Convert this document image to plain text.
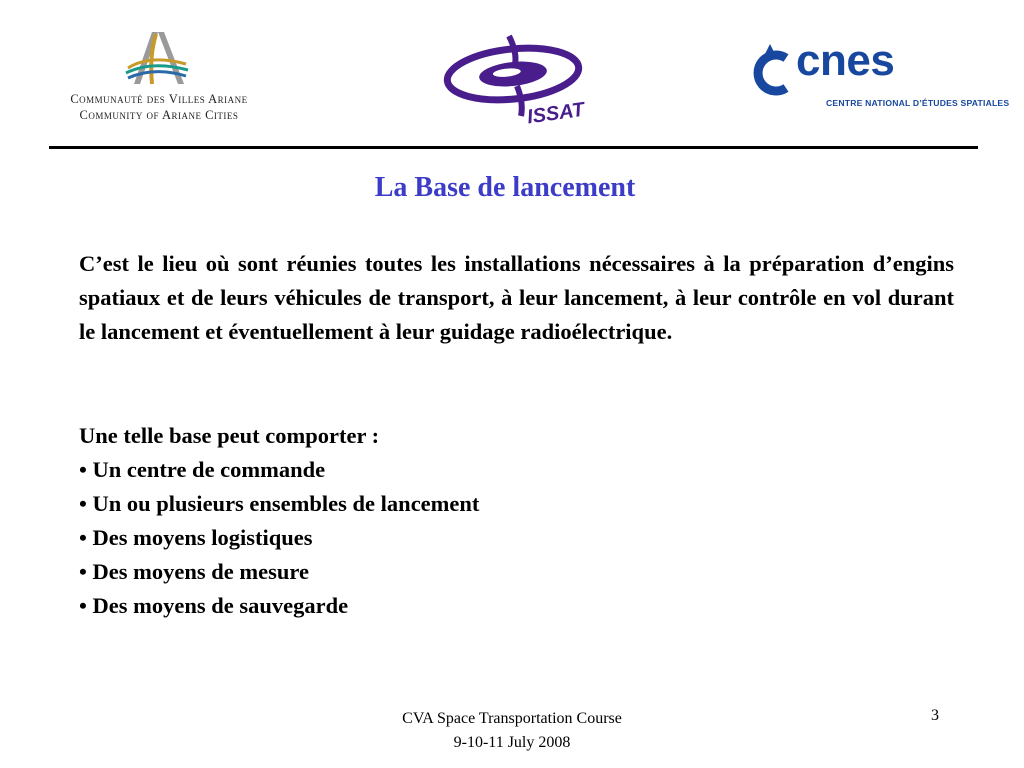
Communauté des Villes Ariane
Community of Ariane Cities	ISSAT
cnes
CENTRE NATIONAL D’ÉTUDES SPATIALES
La Base de lancement
C’est le lieu où sont réunies toutes les installations nécessaires à la préparation d’engins spatiaux et de leurs véhicules de transport, à leur lancement, à leur contrôle en vol durant le lancement et éventuellement à leur guidage radioélectrique.
Une telle base peut comporter :
• Un centre de commande
• Un ou plusieurs ensembles de lancement
• Des moyens logistiques
• Des moyens de mesure
• Des moyens de sauvegarde
CVA Space Transportation Course
9-10-11 July 2008
3
